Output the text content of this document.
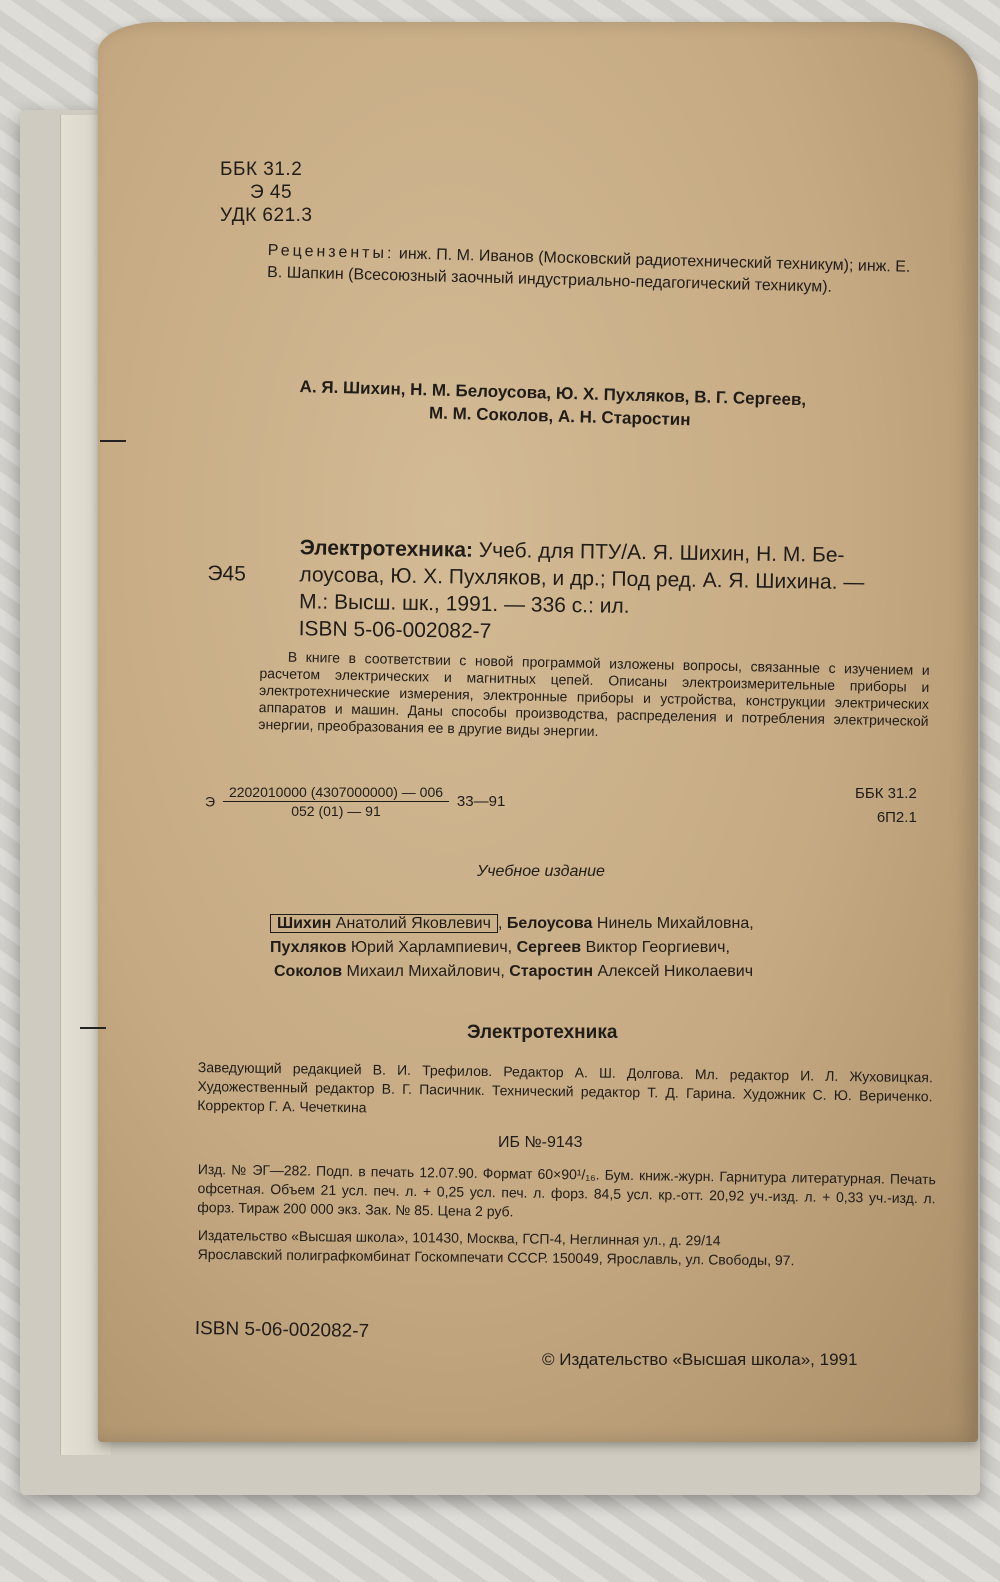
ББК 31.2
Э 45
УДК 621.3
Рецензенты: инж. П. М. Иванов (Московский радиотехнический техникум); инж. Е. В. Шапкин (Всесоюзный заочный индустриально-педагогический техникум).
А. Я. Шихин, Н. М. Белоусова, Ю. Х. Пухляков, В. Г. Сергеев,
М. М. Соколов, А. Н. Старостин
Электротехника: Учеб. для ПТУ/А. Я. Шихин, Н. М. Бе-
Э45	лоусова, Ю. Х. Пухляков, и др.; Под ред. А. Я. Шихина. —
М.: Высш. шк., 1991. — 336 с.: ил.
ISBN 5-06-002082-7
В книге в соответствии с новой программой изложены вопросы, связанные с изучением и расчетом электрических и магнитных цепей. Описаны электроизмерительные приборы и электротехнические измерения, электронные приборы и устройства, конструкции электрических аппаратов и машин. Даны способы производства, распределения и потребления электрической энергии, преобразования ее в другие виды энергии.
Э $\frac{2202010000 (4307000000) — 006}{052 (01) — 91}$ 33—91	ББК 31.2
6П2.1
Учебное издание
Шихин Анатолий Яковлевич , Белоусова Нинель Михайловна,
Пухляков Юрий Харлампиевич, Сергеев Виктор Георгиевич,
Соколов Михаил Михайлович, Старостин Алексей Николаевич
Электротехника
Заведующий редакцией В. И. Трефилов. Редактор А. Ш. Долгова. Мл. редактор И. Л. Жуховицкая. Художественный редактор В. Г. Пасичник. Технический редактор Т. Д. Гарина. Художник С. Ю. Вериченко. Корректор Г. А. Чечеткина
ИБ №-9143
Изд. № ЭГ—282. Подп. в печать 12.07.90. Формат 60×90¹/₁₆. Бум. книж.-журн. Гарнитура литературная. Печать офсетная. Объем 21 усл. печ. л. + 0,25 усл. печ. л. форз. 84,5 усл. кр.-отт. 20,92 уч.-изд. л. + 0,33 уч.-изд. л. форз. Тираж 200 000 экз. Зак. № 85. Цена 2 руб.
Издательство «Высшая школа», 101430, Москва, ГСП-4, Неглинная ул., д. 29/14
Ярославский полиграфкомбинат Госкомпечати СССР. 150049, Ярославль, ул. Свободы, 97.
ISBN 5-06-002082-7
© Издательство «Высшая школа», 1991
